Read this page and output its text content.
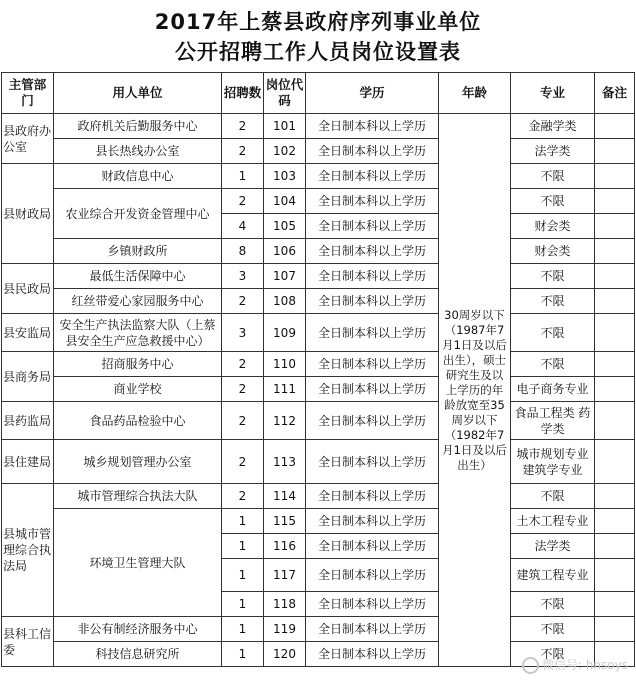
2017年上蔡县政府序列事业单位
公开招聘工作人员岗位设置表
主管部门	用人单位	招聘数	岗位代码	学历	年龄	专业	备注
县政府办公室	政府机关后勤服务中心	2	101	全日制本科以上学历	30周岁以下（1987年7月1日及以后出生），硕士研究生及以上学历的年龄放宽至35周岁以下（1982年7月1日及以后出生）	金融学类	
	县长热线办公室	2	102	全日制本科以上学历		法学类	
县财政局	财政信息中心	1	103	全日制本科以上学历		不限	
	农业综合开发资金管理中心	2	104	全日制本科以上学历		不限	
		4	105	全日制本科以上学历		财会类	
	乡镇财政所	8	106	全日制本科以上学历		财会类	
县民政局	最低生活保障中心	3	107	全日制本科以上学历		不限	
	红丝带爱心家园服务中心	2	108	全日制本科以上学历		不限	
县安监局	安全生产执法监察大队（上蔡县安全生产应急救援中心）	3	109	全日制本科以上学历		不限	
县商务局	招商服务中心	2	110	全日制本科以上学历		不限	
	商业学校	2	111	全日制本科以上学历		电子商务专业	
县药监局	食品药品检验中心	2	112	全日制本科以上学历		食品工程类 药学类	
县住建局	城乡规划管理办公室	2	113	全日制本科以上学历		城市规划专业 建筑学专业	
县城市管理综合执法局	城市管理综合执法大队	2	114	全日制本科以上学历		不限	
	环境卫生管理大队	1	115	全日制本科以上学历		土木工程专业	
		1	116	全日制本科以上学历		法学类	
		1	117	全日制本科以上学历		建筑工程专业	
		1	118	全日制本科以上学历		不限	
县科工信委	非公有制经济服务中心	1	119	全日制本科以上学历		不限	
	科技信息研究所	1	120	全日制本科以上学历		不限	
微信号: hnsoys
